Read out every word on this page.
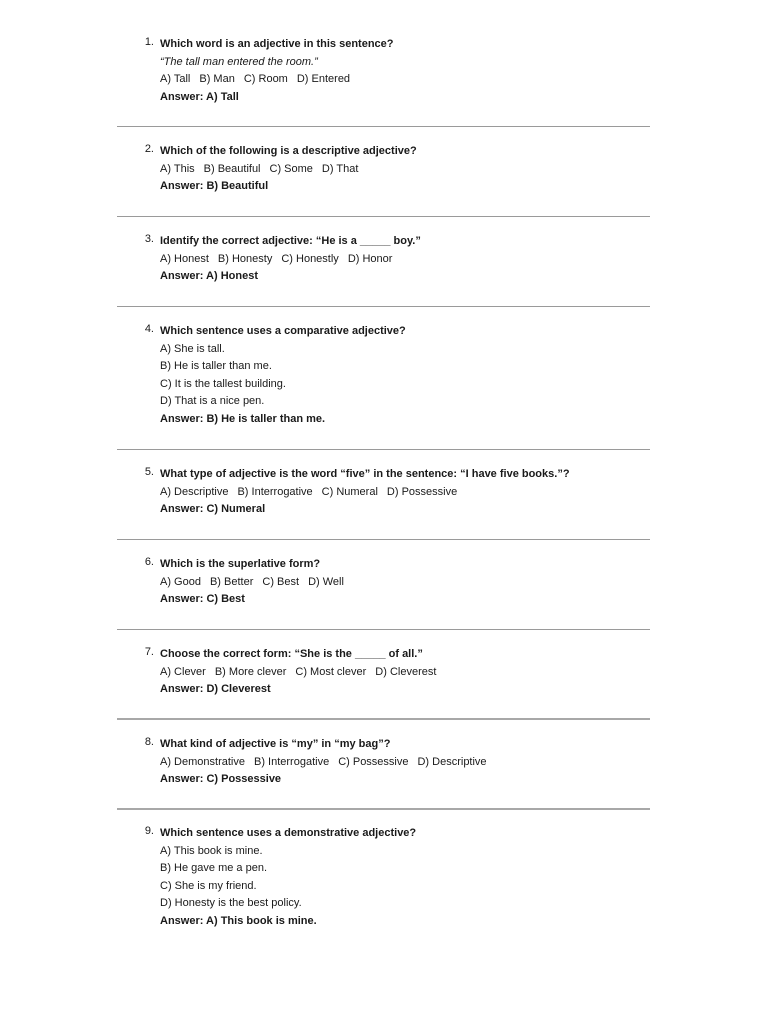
1. Which word is an adjective in this sentence?
“The tall man entered the room.”
A) Tall B) Man C) Room D) Entered
Answer: A) Tall
2. Which of the following is a descriptive adjective?
A) This B) Beautiful C) Some D) That
Answer: B) Beautiful
3. Identify the correct adjective: “He is a _____ boy.”
A) Honest B) Honesty C) Honestly D) Honor
Answer: A) Honest
4. Which sentence uses a comparative adjective?
A) She is tall.
B) He is taller than me.
C) It is the tallest building.
D) That is a nice pen.
Answer: B) He is taller than me.
5. What type of adjective is the word “five” in the sentence: “I have five books.”?
A) Descriptive B) Interrogative C) Numeral D) Possessive
Answer: C) Numeral
6. Which is the superlative form?
A) Good B) Better C) Best D) Well
Answer: C) Best
7. Choose the correct form: “She is the _____ of all.”
A) Clever B) More clever C) Most clever D) Cleverest
Answer: D) Cleverest
8. What kind of adjective is “my” in “my bag”?
A) Demonstrative B) Interrogative C) Possessive D) Descriptive
Answer: C) Possessive
9. Which sentence uses a demonstrative adjective?
A) This book is mine.
B) He gave me a pen.
C) She is my friend.
D) Honesty is the best policy.
Answer: A) This book is mine.
